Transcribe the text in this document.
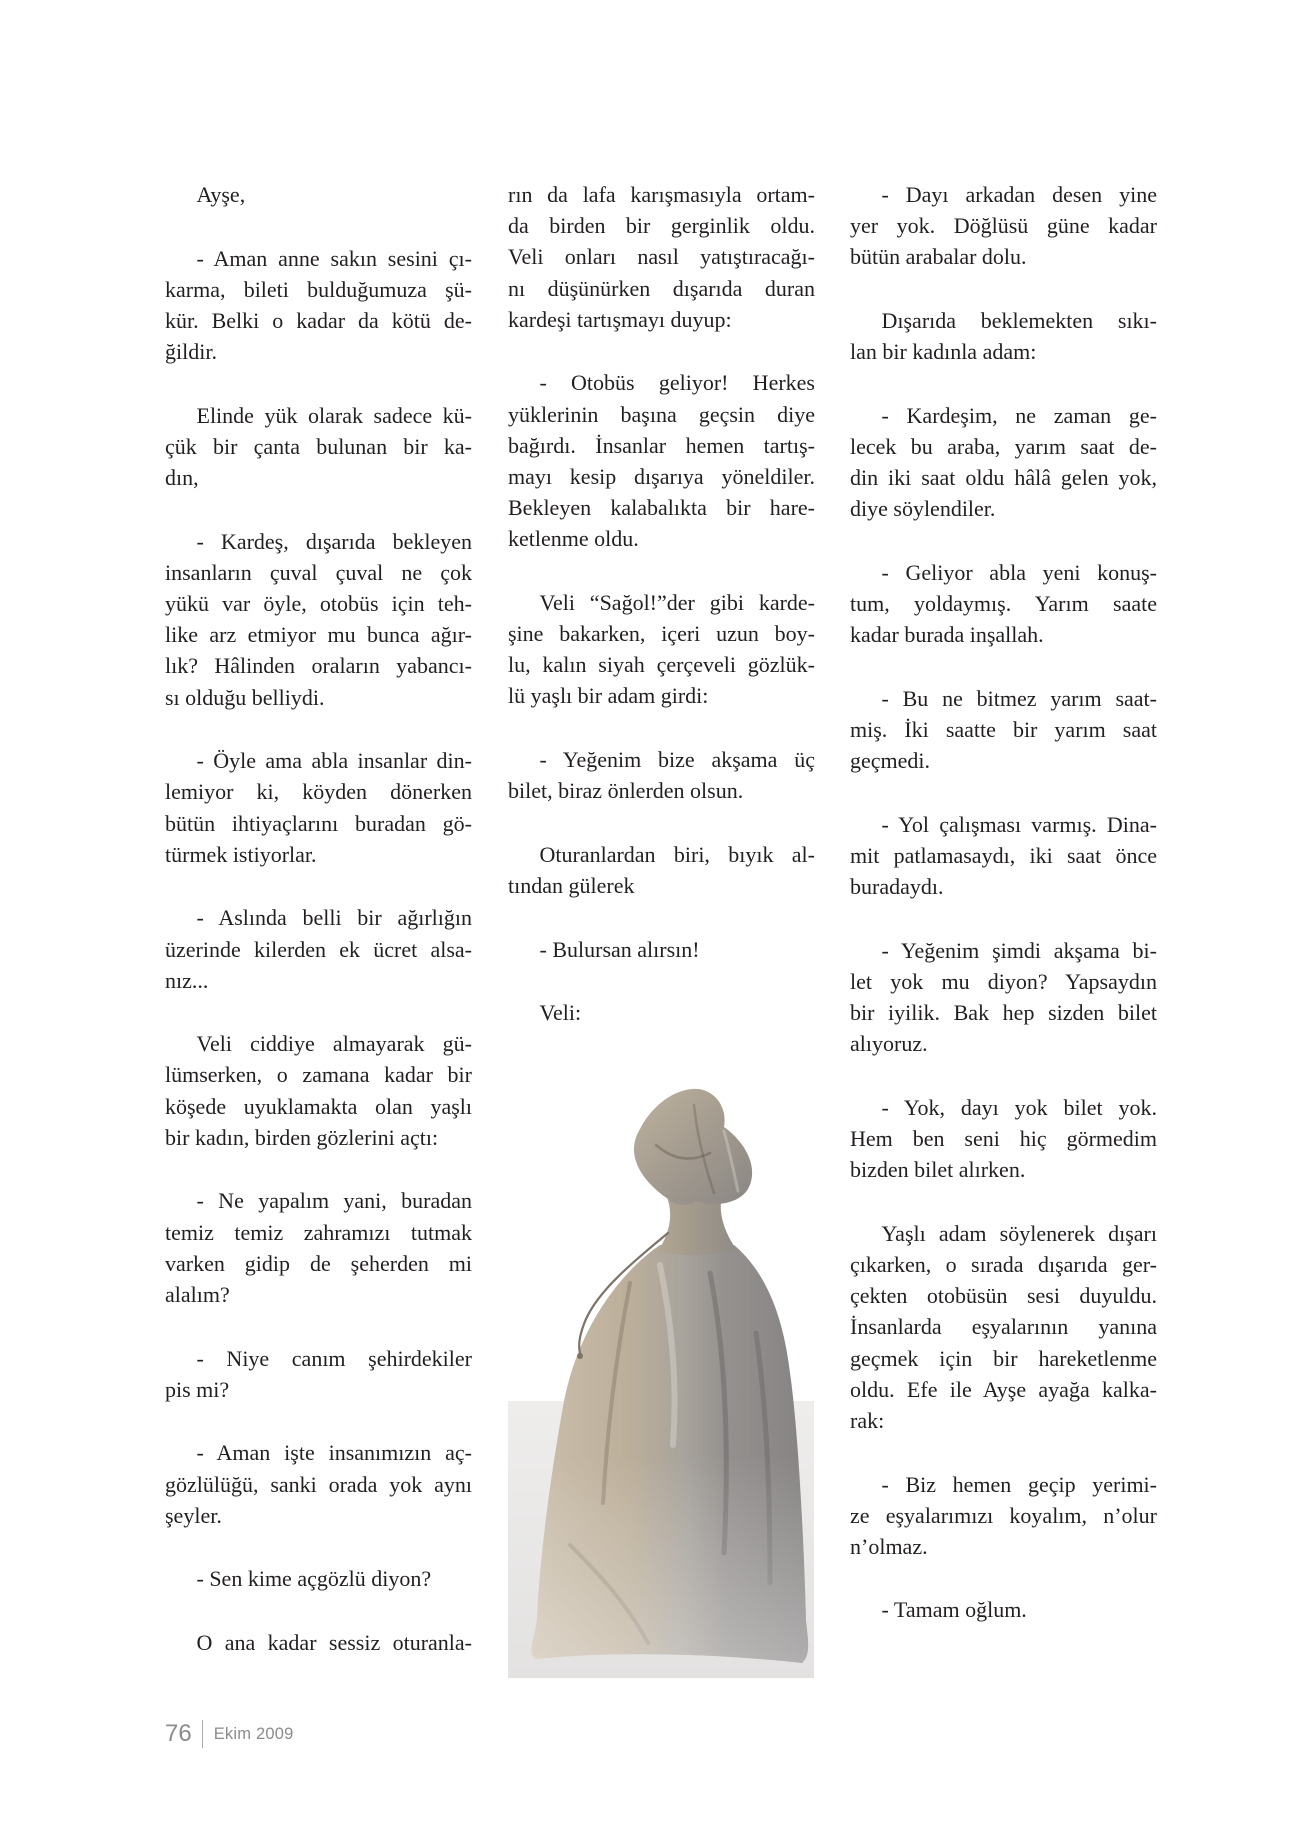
Ayşe,
- Aman anne sakın sesini çı-
karma, bileti bulduğumuza şü-
kür. Belki o kadar da kötü de-
ğildir.
Elinde yük olarak sadece kü-
çük bir çanta bulunan bir ka-
dın,
- Kardeş, dışarıda bekleyen
insanların çuval çuval ne çok
yükü var öyle, otobüs için teh-
like arz etmiyor mu bunca ağır-
lık? Hâlinden oraların yabancı-
sı olduğu belliydi.
- Öyle ama abla insanlar din-
lemiyor ki, köyden dönerken
bütün ihtiyaçlarını buradan gö-
türmek istiyorlar.
- Aslında belli bir ağırlığın
üzerinde kilerden ek ücret alsa-
nız...
Veli ciddiye almayarak gü-
lümserken, o zamana kadar bir
köşede uyuklamakta olan yaşlı
bir kadın, birden gözlerini açtı:
- Ne yapalım yani, buradan
temiz temiz zahramızı tutmak
varken gidip de şeherden mi
alalım?
- Niye canım şehirdekiler
pis mi?
- Aman işte insanımızın aç-
gözlülüğü, sanki orada yok aynı
şeyler.
- Sen kime açgözlü diyon?
O ana kadar sessiz oturanla-
rın da lafa karışmasıyla ortam-
da birden bir gerginlik oldu.
Veli onları nasıl yatıştıracağı-
nı düşünürken dışarıda duran
kardeşi tartışmayı duyup:
- Otobüs geliyor! Herkes
yüklerinin başına geçsin diye
bağırdı. İnsanlar hemen tartış-
mayı kesip dışarıya yöneldiler.
Bekleyen kalabalıkta bir hare-
ketlenme oldu.
Veli “Sağol!”der gibi karde-
şine bakarken, içeri uzun boy-
lu, kalın siyah çerçeveli gözlük-
lü yaşlı bir adam girdi:
- Yeğenim bize akşama üç
bilet, biraz önlerden olsun.
Oturanlardan biri, bıyık al-
tından gülerek
- Bulursan alırsın!
Veli:
- Dayı arkadan desen yine
yer yok. Döğlüsü güne kadar
bütün arabalar dolu.
Dışarıda beklemekten sıkı-
lan bir kadınla adam:
- Kardeşim, ne zaman ge-
lecek bu araba, yarım saat de-
din iki saat oldu hâlâ gelen yok,
diye söylendiler.
- Geliyor abla yeni konuş-
tum, yoldaymış. Yarım saate
kadar burada inşallah.
- Bu ne bitmez yarım saat-
miş. İki saatte bir yarım saat
geçmedi.
- Yol çalışması varmış. Dina-
mit patlamasaydı, iki saat önce
buradaydı.
- Yeğenim şimdi akşama bi-
let yok mu diyon? Yapsaydın
bir iyilik. Bak hep sizden bilet
alıyoruz.
- Yok, dayı yok bilet yok.
Hem ben seni hiç görmedim
bizden bilet alırken.
Yaşlı adam söylenerek dışarı
çıkarken, o sırada dışarıda ger-
çekten otobüsün sesi duyuldu.
İnsanlarda eşyalarının yanına
geçmek için bir hareketlenme
oldu. Efe ile Ayşe ayağa kalka-
rak:
- Biz hemen geçip yerimi-
ze eşyalarımızı koyalım, n’olur
n’olmaz.
- Tamam oğlum.
76 Ekim 2009
